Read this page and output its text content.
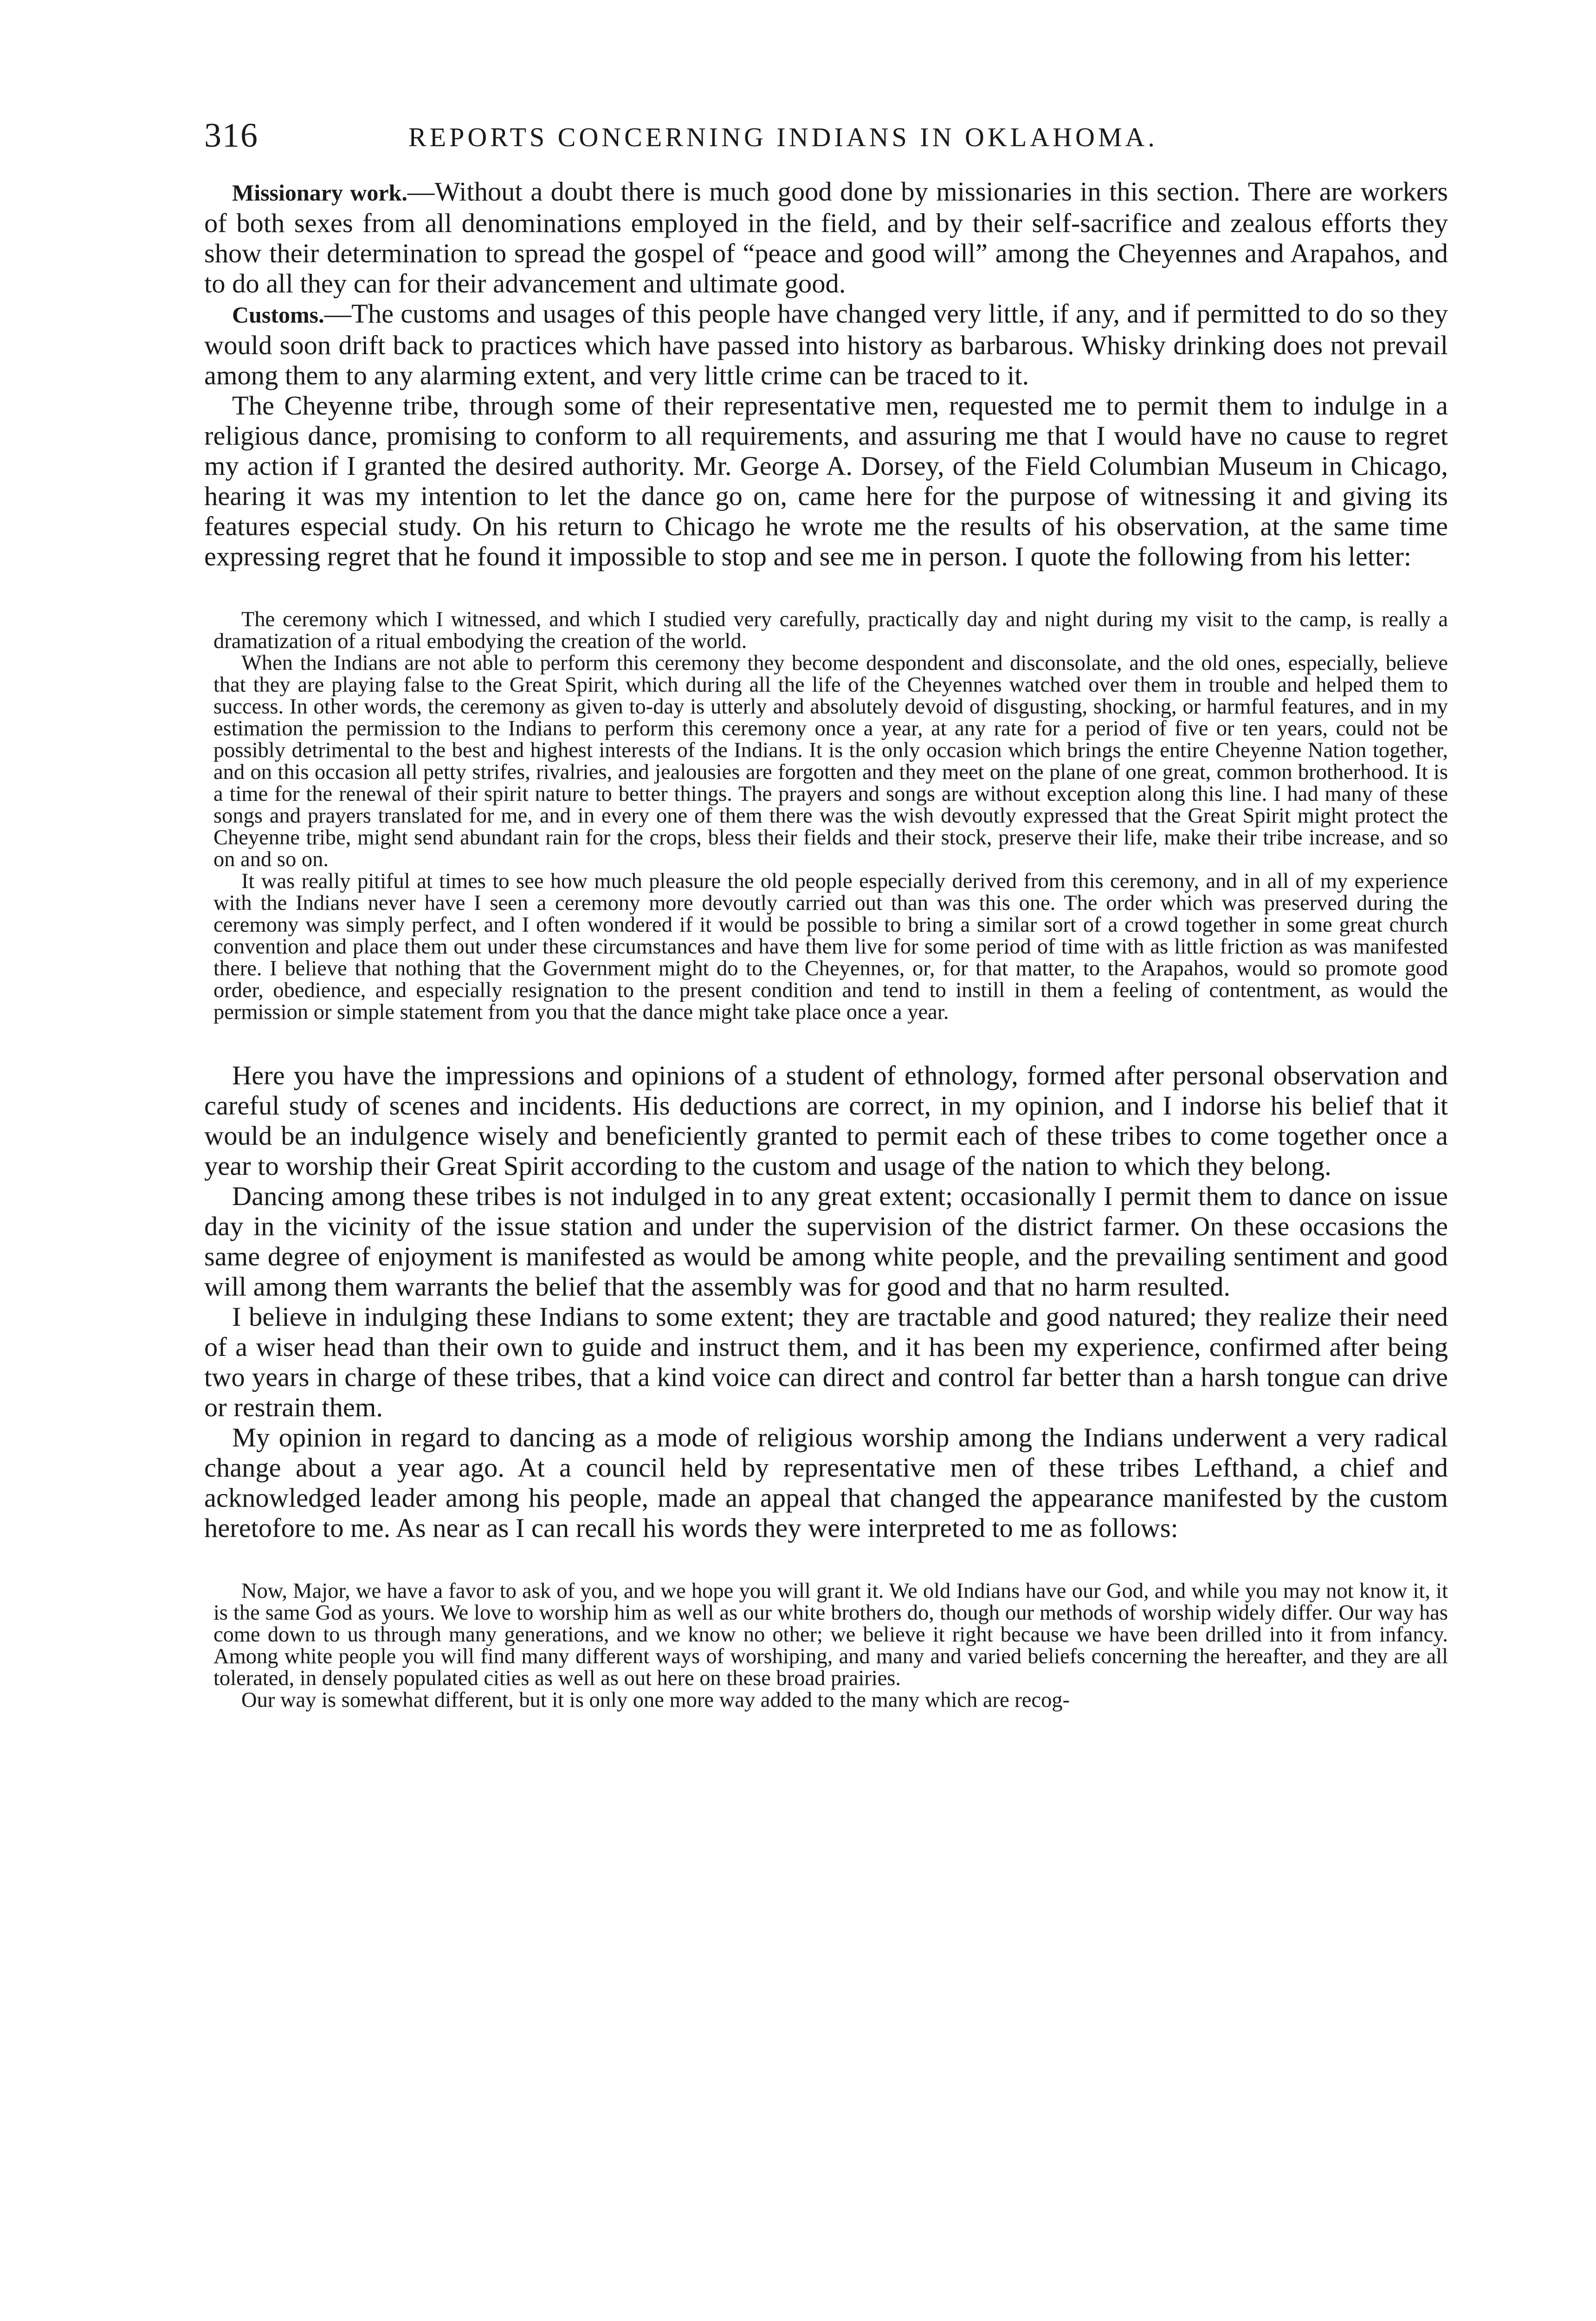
316	REPORTS CONCERNING INDIANS IN OKLAHOMA.

Missionary work.—Without a doubt there is much good done by missionaries in this section. There are workers of both sexes from all denominations employed in the field, and by their self-sacrifice and zealous efforts they show their determination to spread the gospel of “peace and good will” among the Cheyennes and Arapahos, and to do all they can for their advancement and ultimate good.

Customs.—The customs and usages of this people have changed very little, if any, and if permitted to do so they would soon drift back to practices which have passed into history as barbarous. Whisky drinking does not prevail among them to any alarming extent, and very little crime can be traced to it.

The Cheyenne tribe, through some of their representative men, requested me to permit them to indulge in a religious dance, promising to conform to all requirements, and assuring me that I would have no cause to regret my action if I granted the desired authority. Mr. George A. Dorsey, of the Field Columbian Museum in Chicago, hearing it was my intention to let the dance go on, came here for the purpose of witnessing it and giving its features especial study. On his return to Chicago he wrote me the results of his observation, at the same time expressing regret that he found it impossible to stop and see me in person. I quote the following from his letter:

The ceremony which I witnessed, and which I studied very carefully, practically day and night during my visit to the camp, is really a dramatization of a ritual embodying the creation of the world.

When the Indians are not able to perform this ceremony they become despondent and disconsolate, and the old ones, especially, believe that they are playing false to the Great Spirit, which during all the life of the Cheyennes watched over them in trouble and helped them to success. In other words, the ceremony as given to-day is utterly and absolutely devoid of disgusting, shocking, or harmful features, and in my estimation the permission to the Indians to perform this ceremony once a year, at any rate for a period of five or ten years, could not be possibly detrimental to the best and highest interests of the Indians. It is the only occasion which brings the entire Cheyenne Nation together, and on this occasion all petty strifes, rivalries, and jealousies are forgotten and they meet on the plane of one great, common brotherhood. It is a time for the renewal of their spirit nature to better things. The prayers and songs are without exception along this line. I had many of these songs and prayers translated for me, and in every one of them there was the wish devoutly expressed that the Great Spirit might protect the Cheyenne tribe, might send abundant rain for the crops, bless their fields and their stock, preserve their life, make their tribe increase, and so on and so on.

It was really pitiful at times to see how much pleasure the old people especially derived from this ceremony, and in all of my experience with the Indians never have I seen a ceremony more devoutly carried out than was this one. The order which was preserved during the ceremony was simply perfect, and I often wondered if it would be possible to bring a similar sort of a crowd together in some great church convention and place them out under these circumstances and have them live for some period of time with as little friction as was manifested there. I believe that nothing that the Government might do to the Cheyennes, or, for that matter, to the Arapahos, would so promote good order, obedience, and especially resignation to the present condition and tend to instill in them a feeling of contentment, as would the permission or simple statement from you that the dance might take place once a year.

Here you have the impressions and opinions of a student of ethnology, formed after personal observation and careful study of scenes and incidents. His deductions are correct, in my opinion, and I indorse his belief that it would be an indulgence wisely and beneficiently granted to permit each of these tribes to come together once a year to worship their Great Spirit according to the custom and usage of the nation to which they belong.

Dancing among these tribes is not indulged in to any great extent; occasionally I permit them to dance on issue day in the vicinity of the issue station and under the supervision of the district farmer. On these occasions the same degree of enjoyment is manifested as would be among white people, and the prevailing sentiment and good will among them warrants the belief that the assembly was for good and that no harm resulted.

I believe in indulging these Indians to some extent; they are tractable and good natured; they realize their need of a wiser head than their own to guide and instruct them, and it has been my experience, confirmed after being two years in charge of these tribes, that a kind voice can direct and control far better than a harsh tongue can drive or restrain them.

My opinion in regard to dancing as a mode of religious worship among the Indians underwent a very radical change about a year ago. At a council held by representative men of these tribes Lefthand, a chief and acknowledged leader among his people, made an appeal that changed the appearance manifested by the custom heretofore to me. As near as I can recall his words they were interpreted to me as follows:

Now, Major, we have a favor to ask of you, and we hope you will grant it. We old Indians have our God, and while you may not know it, it is the same God as yours. We love to worship him as well as our white brothers do, though our methods of worship widely differ. Our way has come down to us through many generations, and we know no other; we believe it right because we have been drilled into it from infancy. Among white people you will find many different ways of worshiping, and many and varied beliefs concerning the hereafter, and they are all tolerated, in densely populated cities as well as out here on these broad prairies.

Our way is somewhat different, but it is only one more way added to the many which are recog-
